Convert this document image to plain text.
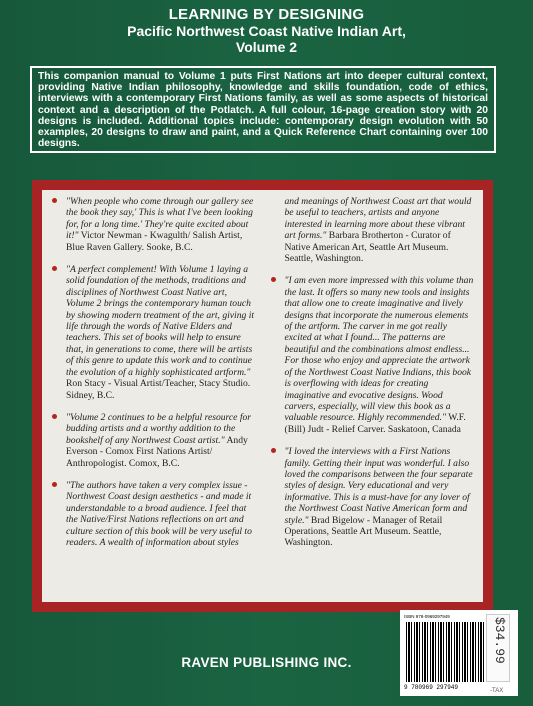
LEARNING BY DESIGNING
Pacific Northwest Coast Native Indian Art,
Volume 2

This companion manual to Volume 1 puts First Nations art into deeper cultural context, providing Native Indian philosophy, knowledge and skills foundation, code of ethics, interviews with a contemporary First Nations family, as well as some aspects of historical context and a description of the Potlatch. A full colour, 16-page creation story with 20 designs is included. Additional topics include: contemporary design evolution with 50 examples, 20 designs to draw and paint, and a Quick Reference Chart containing over 100 designs.

"When people who come through our gallery see the book they say,' This is what I've been looking for, for a long time.' They're quite excited about it!" Victor Newman - Kwagulth/ Salish Artist, Blue Raven Gallery. Sooke, B.C.
"A perfect complement! With Volume 1 laying a solid foundation of the methods, traditions and disciplines of Northwest Coast Native art, Volume 2 brings the contemporary human touch by showing modern treatment of the art, giving it life through the words of Native Elders and teachers. This set of books will help to ensure that, in generations to come, there will be artists of this genre to update this work and to continue the evolution of a highly sophisticated artform." Ron Stacy - Visual Artist/Teacher, Stacy Studio. Sidney, B.C.
"Volume 2 continues to be a helpful resource for budding artists and a worthy addition to the bookshelf of any Northwest Coast artist." Andy Everson - Comox First Nations Artist/ Anthropologist. Comox, B.C.
"The authors have taken a very complex issue - Northwest Coast design aesthetics - and made it understandable to a broad audience. I feel that the Native/First Nations reflections on art and culture section of this book will be very useful to readers. A wealth of information about styles
and meanings of Northwest Coast art that would be useful to teachers, artists and anyone interested in learning more about these vibrant art forms." Barbara Brotherton - Curator of Native American Art, Seattle Art Museum. Seattle, Washington.
"I am even more impressed with this volume than the last. It offers so many new tools and insights that allow one to create imaginative and lively designs that incorporate the numerous elements of the artform. The carver in me got really excited at what I found... The patterns are beautiful and the combinations almost endless... For those who enjoy and appreciate the artwork of the Northwest Coast Native Indians, this book is overflowing with ideas for creating imaginative and evocative designs. Wood carvers, especially, will view this book as a valuable resource. Highly recommended." W.F. (Bill) Judt - Relief Carver. Saskatoon, Canada
"I loved the interviews with a First Nations family. Getting their input was wonderful. I also loved the comparisons between the four separate styles of design. Very educational and very informative. This is a must-have for any lover of the Northwest Coast Native American form and style." Brad Bigelow - Manager of Retail Operations, Seattle Art Museum. Seattle, Washington.
RAVEN PUBLISHING INC.
ISBN 978-0969297949
9 780969 297949
$34.99
-TAX
